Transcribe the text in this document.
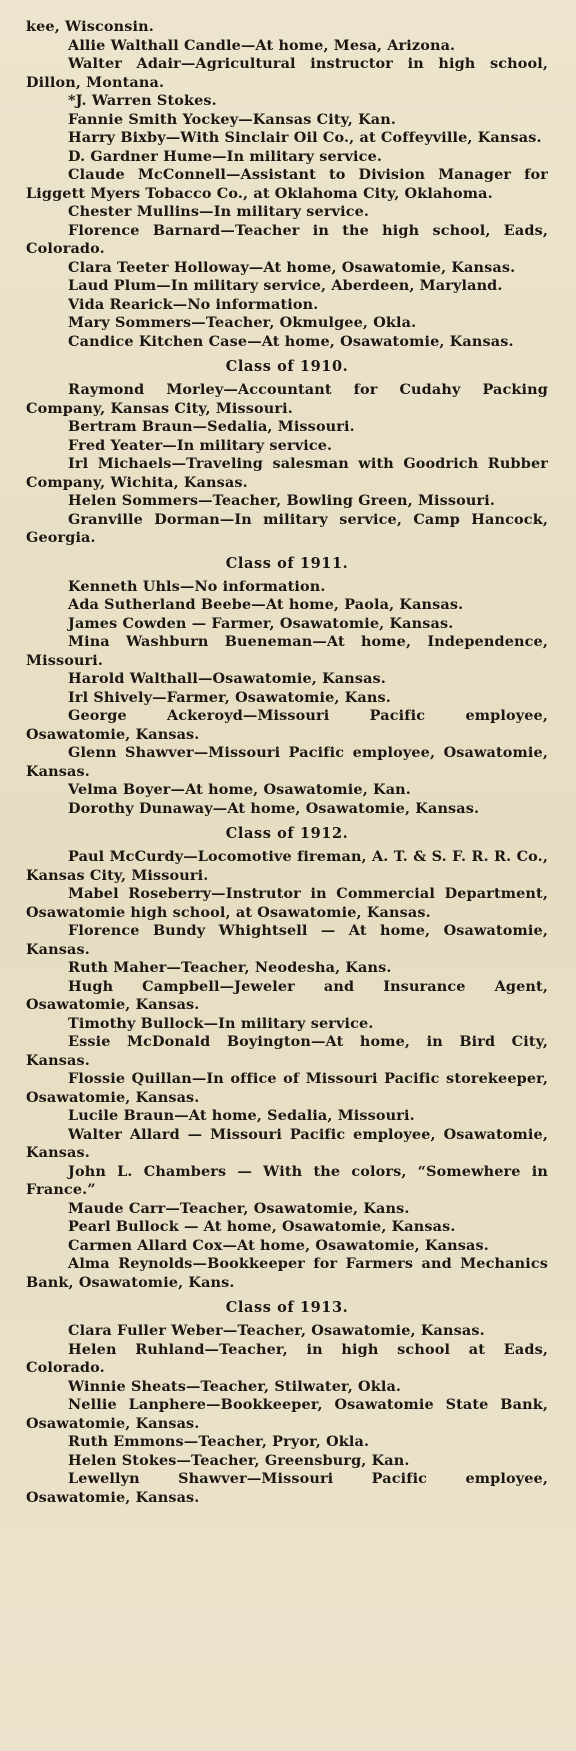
kee, Wisconsin.

Allie Walthall Candle—At home, Mesa, Arizona.

Walter Adair—Agricultural instructor in high school, Dillon, Montana.

*J. Warren Stokes.

Fannie Smith Yockey—Kansas City, Kan.

Harry Bixby—With Sinclair Oil Co., at Coffeyville, Kansas.

D. Gardner Hume—In military service.

Claude McConnell—Assistant to Division Manager for Liggett Myers Tobacco Co., at Oklahoma City, Oklahoma.

Chester Mullins—In military service.

Florence Barnard—Teacher in the high school, Eads, Colorado.

Clara Teeter Holloway—At home, Osawatomie, Kansas.

Laud Plum—In military service, Aberdeen, Maryland.

Vida Rearick—No information.

Mary Sommers—Teacher, Okmulgee, Okla.

Candice Kitchen Case—At home, Osawatomie, Kansas.

Class of 1910.

Raymond Morley—Accountant for Cudahy Packing Company, Kansas City, Missouri.

Bertram Braun—Sedalia, Missouri.

Fred Yeater—In military service.

Irl Michaels—Traveling salesman with Goodrich Rubber Company, Wichita, Kansas.

Helen Sommers—Teacher, Bowling Green, Missouri.

Granville Dorman—In military service, Camp Hancock, Georgia.

Class of 1911.

Kenneth Uhls—No information.

Ada Sutherland Beebe—At home, Paola, Kansas.

James Cowden — Farmer, Osawatomie, Kansas.

Mina Washburn Bueneman—At home, Independence, Missouri.

Harold Walthall—Osawatomie, Kansas.

Irl Shively—Farmer, Osawatomie, Kans.

George Ackeroyd—Missouri Pacific employee, Osawatomie, Kansas.

Glenn Shawver—Missouri Pacific employee, Osawatomie, Kansas.

Velma Boyer—At home, Osawatomie, Kan.

Dorothy Dunaway—At home, Osawatomie, Kansas.

Class of 1912.

Paul McCurdy—Locomotive fireman, A. T. & S. F. R. R. Co., Kansas City, Missouri.

Mabel Roseberry—Instrutor in Commercial Department, Osawatomie high school, at Osawatomie, Kansas.

Florence Bundy Whightsell — At home, Osawatomie, Kansas.

Ruth Maher—Teacher, Neodesha, Kans.

Hugh Campbell—Jeweler and Insurance Agent, Osawatomie, Kansas.

Timothy Bullock—In military service.

Essie McDonald Boyington—At home, in Bird City, Kansas.

Flossie Quillan—In office of Missouri Pacific storekeeper, Osawatomie, Kansas.

Lucile Braun—At home, Sedalia, Missouri.

Walter Allard — Missouri Pacific employee, Osawatomie, Kansas.

John L. Chambers — With the colors, “Somewhere in France.”

Maude Carr—Teacher, Osawatomie, Kans.

Pearl Bullock — At home, Osawatomie, Kansas.

Carmen Allard Cox—At home, Osawatomie, Kansas.

Alma Reynolds—Bookkeeper for Farmers and Mechanics Bank, Osawatomie, Kans.

Class of 1913.

Clara Fuller Weber—Teacher, Osawatomie, Kansas.

Helen Ruhland—Teacher, in high school at Eads, Colorado.

Winnie Sheats—Teacher, Stilwater, Okla.

Nellie Lanphere—Bookkeeper, Osawatomie State Bank, Osawatomie, Kansas.

Ruth Emmons—Teacher, Pryor, Okla.

Helen Stokes—Teacher, Greensburg, Kan.

Lewellyn Shawver—Missouri Pacific employee, Osawatomie, Kansas.
